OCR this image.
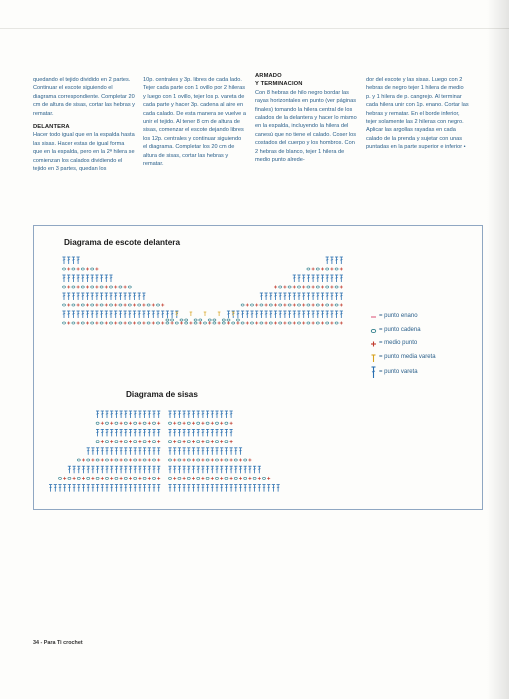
quedando el tejido dividido en 2 partes. Continuar el escote siguiendo el diagrama correspondiente. Completar 20 cm de altura de sisas, cortar las hebras y rematar.

DELANTERA

Hacer todo igual que en la espalda hasta las sisas. Hacer estas de igual forma que en la espalda, pero en la 2ª hilera se comienzan los calados dividiendo el tejido en 3 partes, quedan los

10p. centrales y 3p. libres de cada lado. Tejer cada parte con 1 ovillo por 2 hileras y luego con 1 ovillo, tejer los p. vareta de cada parte y hacer 3p. cadena al aire en cada calado. De esta manera se vuelve a unir el tejido. Al tener 8 cm de altura de sisas, comenzar el escote dejando libres los 12p. centrales y continuar siguiendo el diagrama. Completar los 20 cm de altura de sisas, cortar las hebras y rematar.

ARMADO

Y TERMINACION

Con 8 hebras de hilo negro bordar las rayas horizontales en punto (ver páginas finales) tomando la hilera central de los calados de la delantera y hacer lo mismo en la espalda, incluyendo la hilera del canesú que no tiene el calado. Coser los costados del cuerpo y los hombros. Con 2 hebras de blanco, tejer 1 hilera de medio punto alrede-

dor del escote y las sisas. Luego con 2 hebras de negro tejer 1 hilera de medio p. y 1 hilera de p. cangrejo. Al terminar cada hilera unir con 1p. enano. Cortar las hebras y rematar. En el borde inferior, tejer solamente las 2 hileras con negro. Aplicar las argollas rayadas en cada calado de la prenda y sujetar con unas puntadas en la parte superior e inferior •

Diagrama de escote delantera
Diagrama de sisas
= punto enano
= punto cadena
= medio punto
= punto media vareta
= punto vareta
34 - Para Ti crochet
